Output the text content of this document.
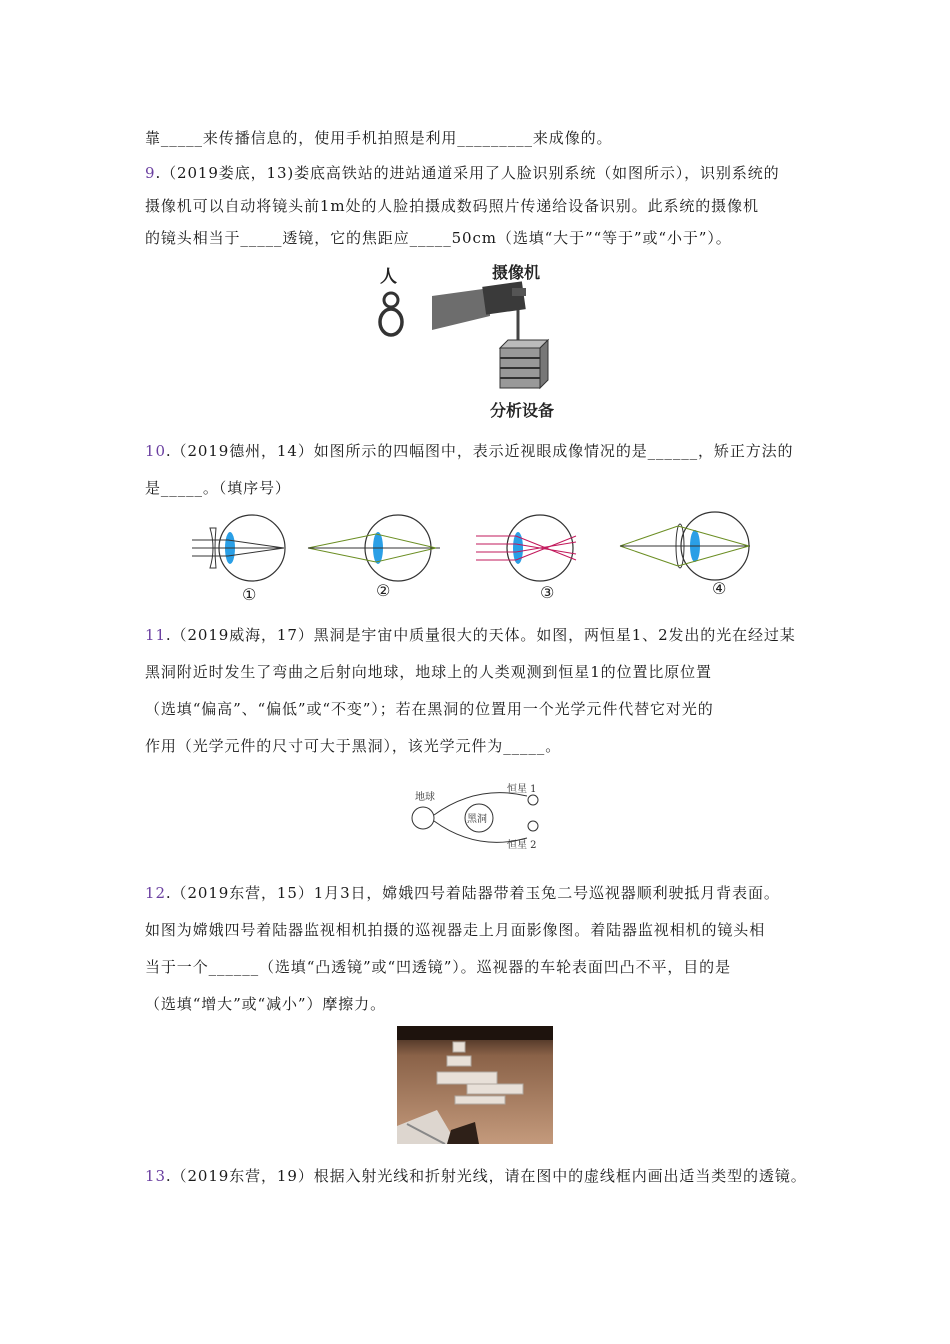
靠_____来传播信息的，使用手机拍照是利用_________来成像的。
9.（2019娄底，13)娄底高铁站的进站通道采用了人脸识别系统（如图所示），识别系统的
摄像机可以自动将镜头前1m处的人脸拍摄成数码照片传递给设备识别。此系统的摄像机
的镜头相当于_____透镜，它的焦距应_____50cm（选填“大于”“等于”或“小于”）。
人	摄像机
分析设备
10.（2019德州，14）如图所示的四幅图中，表示近视眼成像情况的是______，矫正方法的
是_____。（填序号）
①	②	③	④
11.（2019威海，17）黑洞是宇宙中质量很大的天体。如图，两恒星1、2发出的光在经过某
黑洞附近时发生了弯曲之后射向地球，地球上的人类观测到恒星1的位置比原位置
（选填“偏高”、“偏低”或“不变”）；若在黑洞的位置用一个光学元件代替它对光的
作用（光学元件的尺寸可大于黑洞），该光学元件为_____。
地球
黑洞
恒星 1
恒星 2
12.（2019东营，15）1月3日，嫦娥四号着陆器带着玉兔二号巡视器顺利驶抵月背表面。
如图为嫦娥四号着陆器监视相机拍摄的巡视器走上月面影像图。着陆器监视相机的镜头相
当于一个______（选填“凸透镜”或“凹透镜”）。巡视器的车轮表面凹凸不平，目的是
（选填“增大”或“减小”）摩擦力。
13.（2019东营，19）根据入射光线和折射光线，请在图中的虚线框内画出适当类型的透镜。
